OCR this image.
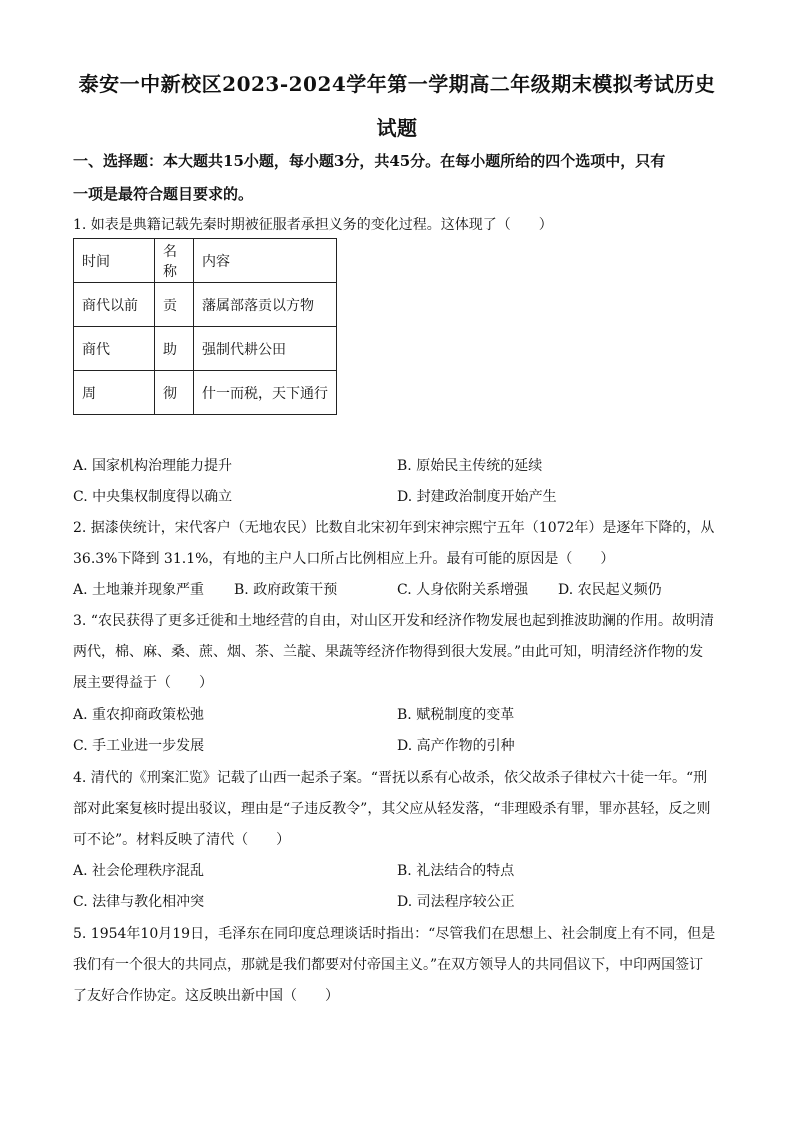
泰安一中新校区2023-2024学年第一学期高二年级期末模拟考试历史
试题
一、选择题：本大题共15小题，每小题3分，共45分。在每小题所给的四个选项中，只有
一项是最符合题目要求的。
1. 如表是典籍记载先秦时期被征服者承担义务的变化过程。这体现了（　　）
时间	名称	内容
商代以前	贡	藩属部落贡以方物
商代	助	强制代耕公田
周	彻	什一而税，天下通行
A. 国家机构治理能力提升	B. 原始民主传统的延续
C. 中央集权制度得以确立	D. 封建政治制度开始产生
2. 据漆侠统计，宋代客户（无地农民）比数自北宋初年到宋神宗熙宁五年（1072年）是逐年下降的，从
36.3%下降到 31.1%，有地的主户人口所占比例相应上升。最有可能的原因是（　　）
A. 土地兼并现象严重 B. 政府政策干预	C. 人身依附关系增强 D. 农民起义频仍
3. “农民获得了更多迁徙和土地经营的自由，对山区开发和经济作物发展也起到推波助澜的作用。故明清
两代，棉、麻、桑、蔗、烟、茶、兰靛、果蔬等经济作物得到很大发展。”由此可知，明清经济作物的发
展主要得益于（　　）
A. 重农抑商政策松弛	B. 赋税制度的变革
C. 手工业进一步发展	D. 高产作物的引种
4. 清代的《刑案汇览》记载了山西一起杀子案。“晋抚以系有心故杀，依父故杀子律杖六十徒一年。“刑
部对此案复核时提出驳议，理由是“子违反教令”，其父应从轻发落，“非理殴杀有罪，罪亦甚轻，反之则
可不论”。材料反映了清代（　　）
A. 社会伦理秩序混乱	B. 礼法结合的特点
C. 法律与教化相冲突	D. 司法程序较公正
5. 1954年10月19日，毛泽东在同印度总理谈话时指出：“尽管我们在思想上、社会制度上有不同，但是
我们有一个很大的共同点，那就是我们都要对付帝国主义。”在双方领导人的共同倡议下，中印两国签订
了友好合作协定。这反映出新中国（　　）
